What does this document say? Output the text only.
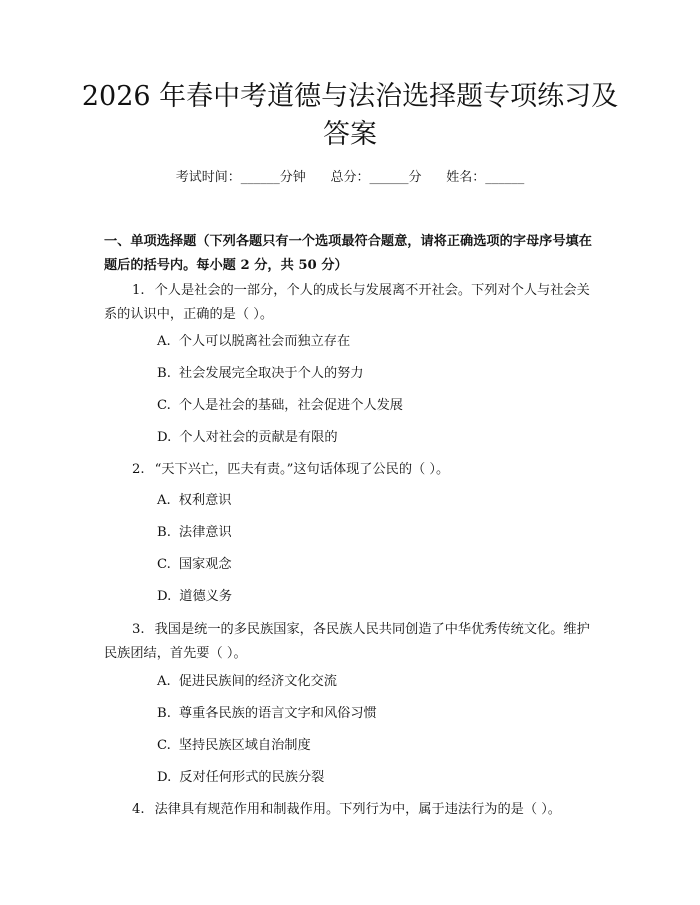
2026 年春中考道德与法治选择题专项练习及答案
考试时间：______分钟      总分：______分      姓名：______

一、单项选择题（下列各题只有一个选项最符合题意，请将正确选项的字母序号填在题后的括号内。每小题 2 分，共 50 分）

1. 个人是社会的一部分，个人的成长与发展离不开社会。下列对个人与社会关系的认识中，正确的是（ ）。

A. 个人可以脱离社会而独立存在

B. 社会发展完全取决于个人的努力

C. 个人是社会的基础，社会促进个人发展

D. 个人对社会的贡献是有限的

2. “天下兴亡，匹夫有责。”这句话体现了公民的（ ）。

A. 权利意识

B. 法律意识

C. 国家观念

D. 道德义务

3. 我国是统一的多民族国家，各民族人民共同创造了中华优秀传统文化。维护民族团结，首先要（ ）。

A. 促进民族间的经济文化交流

B. 尊重各民族的语言文字和风俗习惯

C. 坚持民族区域自治制度

D. 反对任何形式的民族分裂

4. 法律具有规范作用和制裁作用。下列行为中，属于违法行为的是（ ）。
